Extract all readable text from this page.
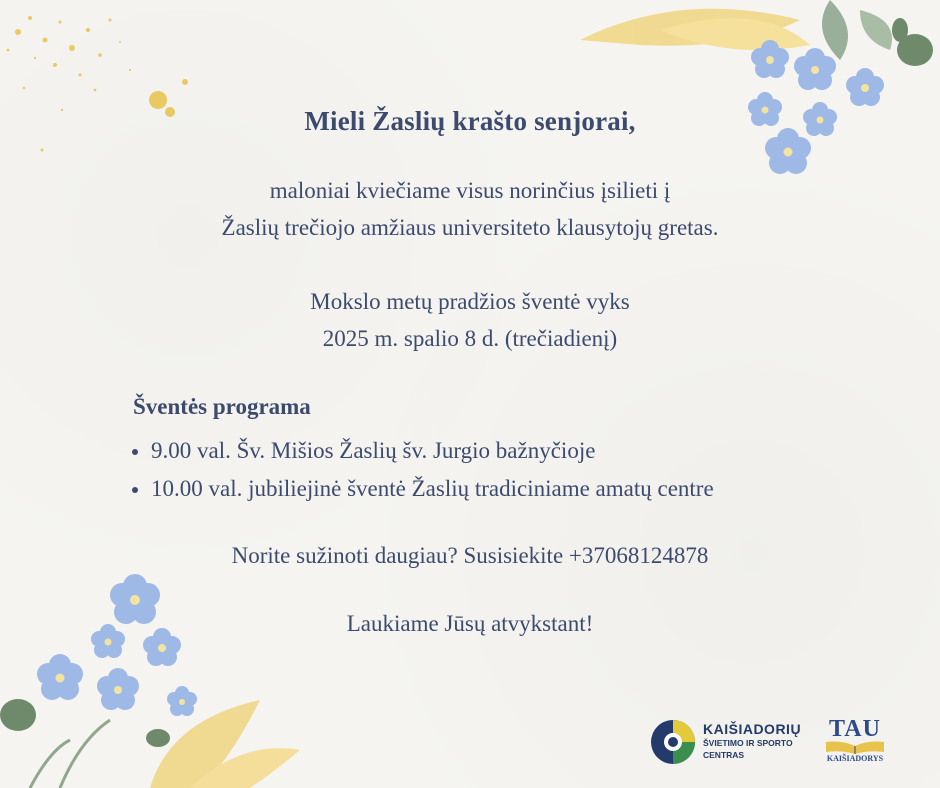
Mieli Žaslių krašto senjorai,
maloniai kviečiame visus norinčius įsilieti į
Žaslių trečiojo amžiaus universiteto klausytojų gretas.
Mokslo metų pradžios šventė vyks
2025 m. spalio 8 d. (trečiadienį)
Šventės programa
9.00 val. Šv. Mišios Žaslių šv. Jurgio bažnyčioje
10.00 val. jubiliejinė šventė Žaslių tradiciniame amatų centre
Norite sužinoti daugiau? Susisiekite +37068124878
Laukiame Jūsų atvykstant!
KAIŠIADORIŲ
ŠVIETIMO IR SPORTO
CENTRAS
TAU
KAIŠIADORYS
